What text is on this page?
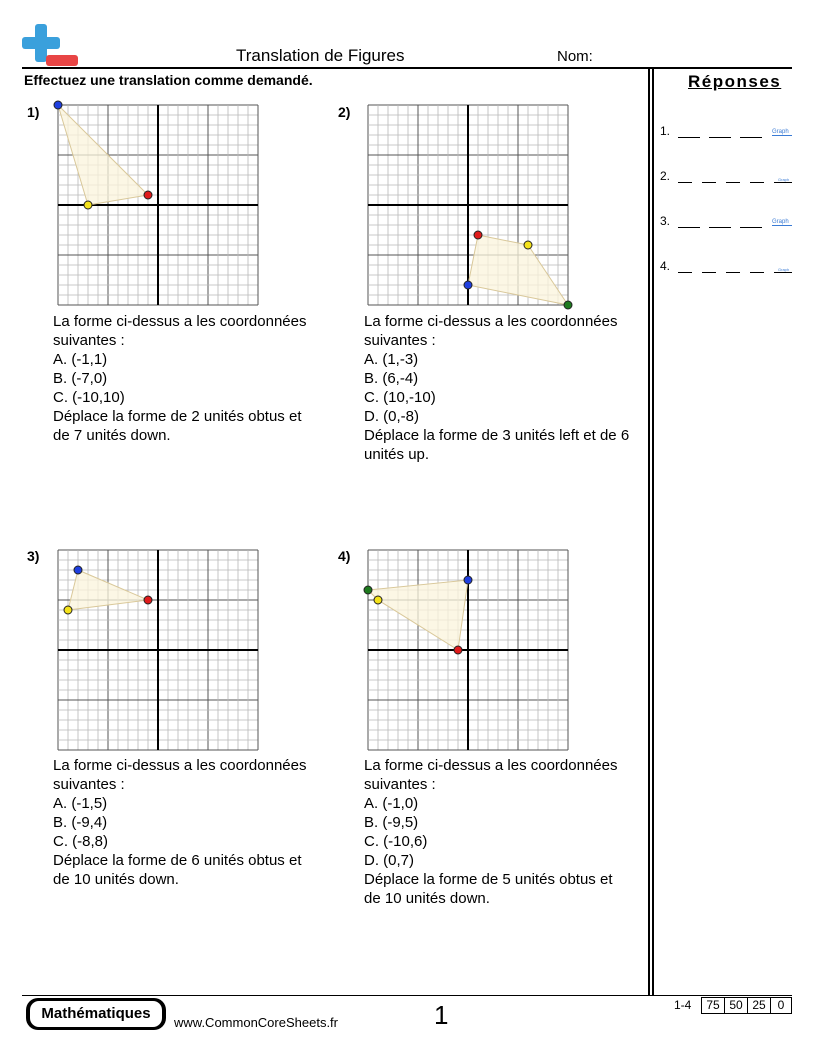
Translation de Figures	Nom:
Effectuez une translation comme demandé.	Réponses
1.	Graph
2.	Graph
3.	Graph
4.	Graph
1)
La forme ci-dessus a les coordonnées
suivantes :
A. (-1,1)
B. (-7,0)
C. (-10,10)
Déplace la forme de 2 unités obtus et
de 7 unités down.
2)
La forme ci-dessus a les coordonnées
suivantes :
A. (1,-3)
B. (6,-4)
C. (10,-10)
D. (0,-8)
Déplace la forme de 3 unités left et de 6
unités up.
3)
La forme ci-dessus a les coordonnées
suivantes :
A. (-1,5)
B. (-9,4)
C. (-8,8)
Déplace la forme de 6 unités obtus et
de 10 unités down.
4)
La forme ci-dessus a les coordonnées
suivantes :
A. (-1,0)
B. (-9,5)
C. (-10,6)
D. (0,7)
Déplace la forme de 5 unités obtus et
de 10 unités down.
Mathématiques
www.CommonCoreSheets.fr	1	1-4	75 50 25 0
